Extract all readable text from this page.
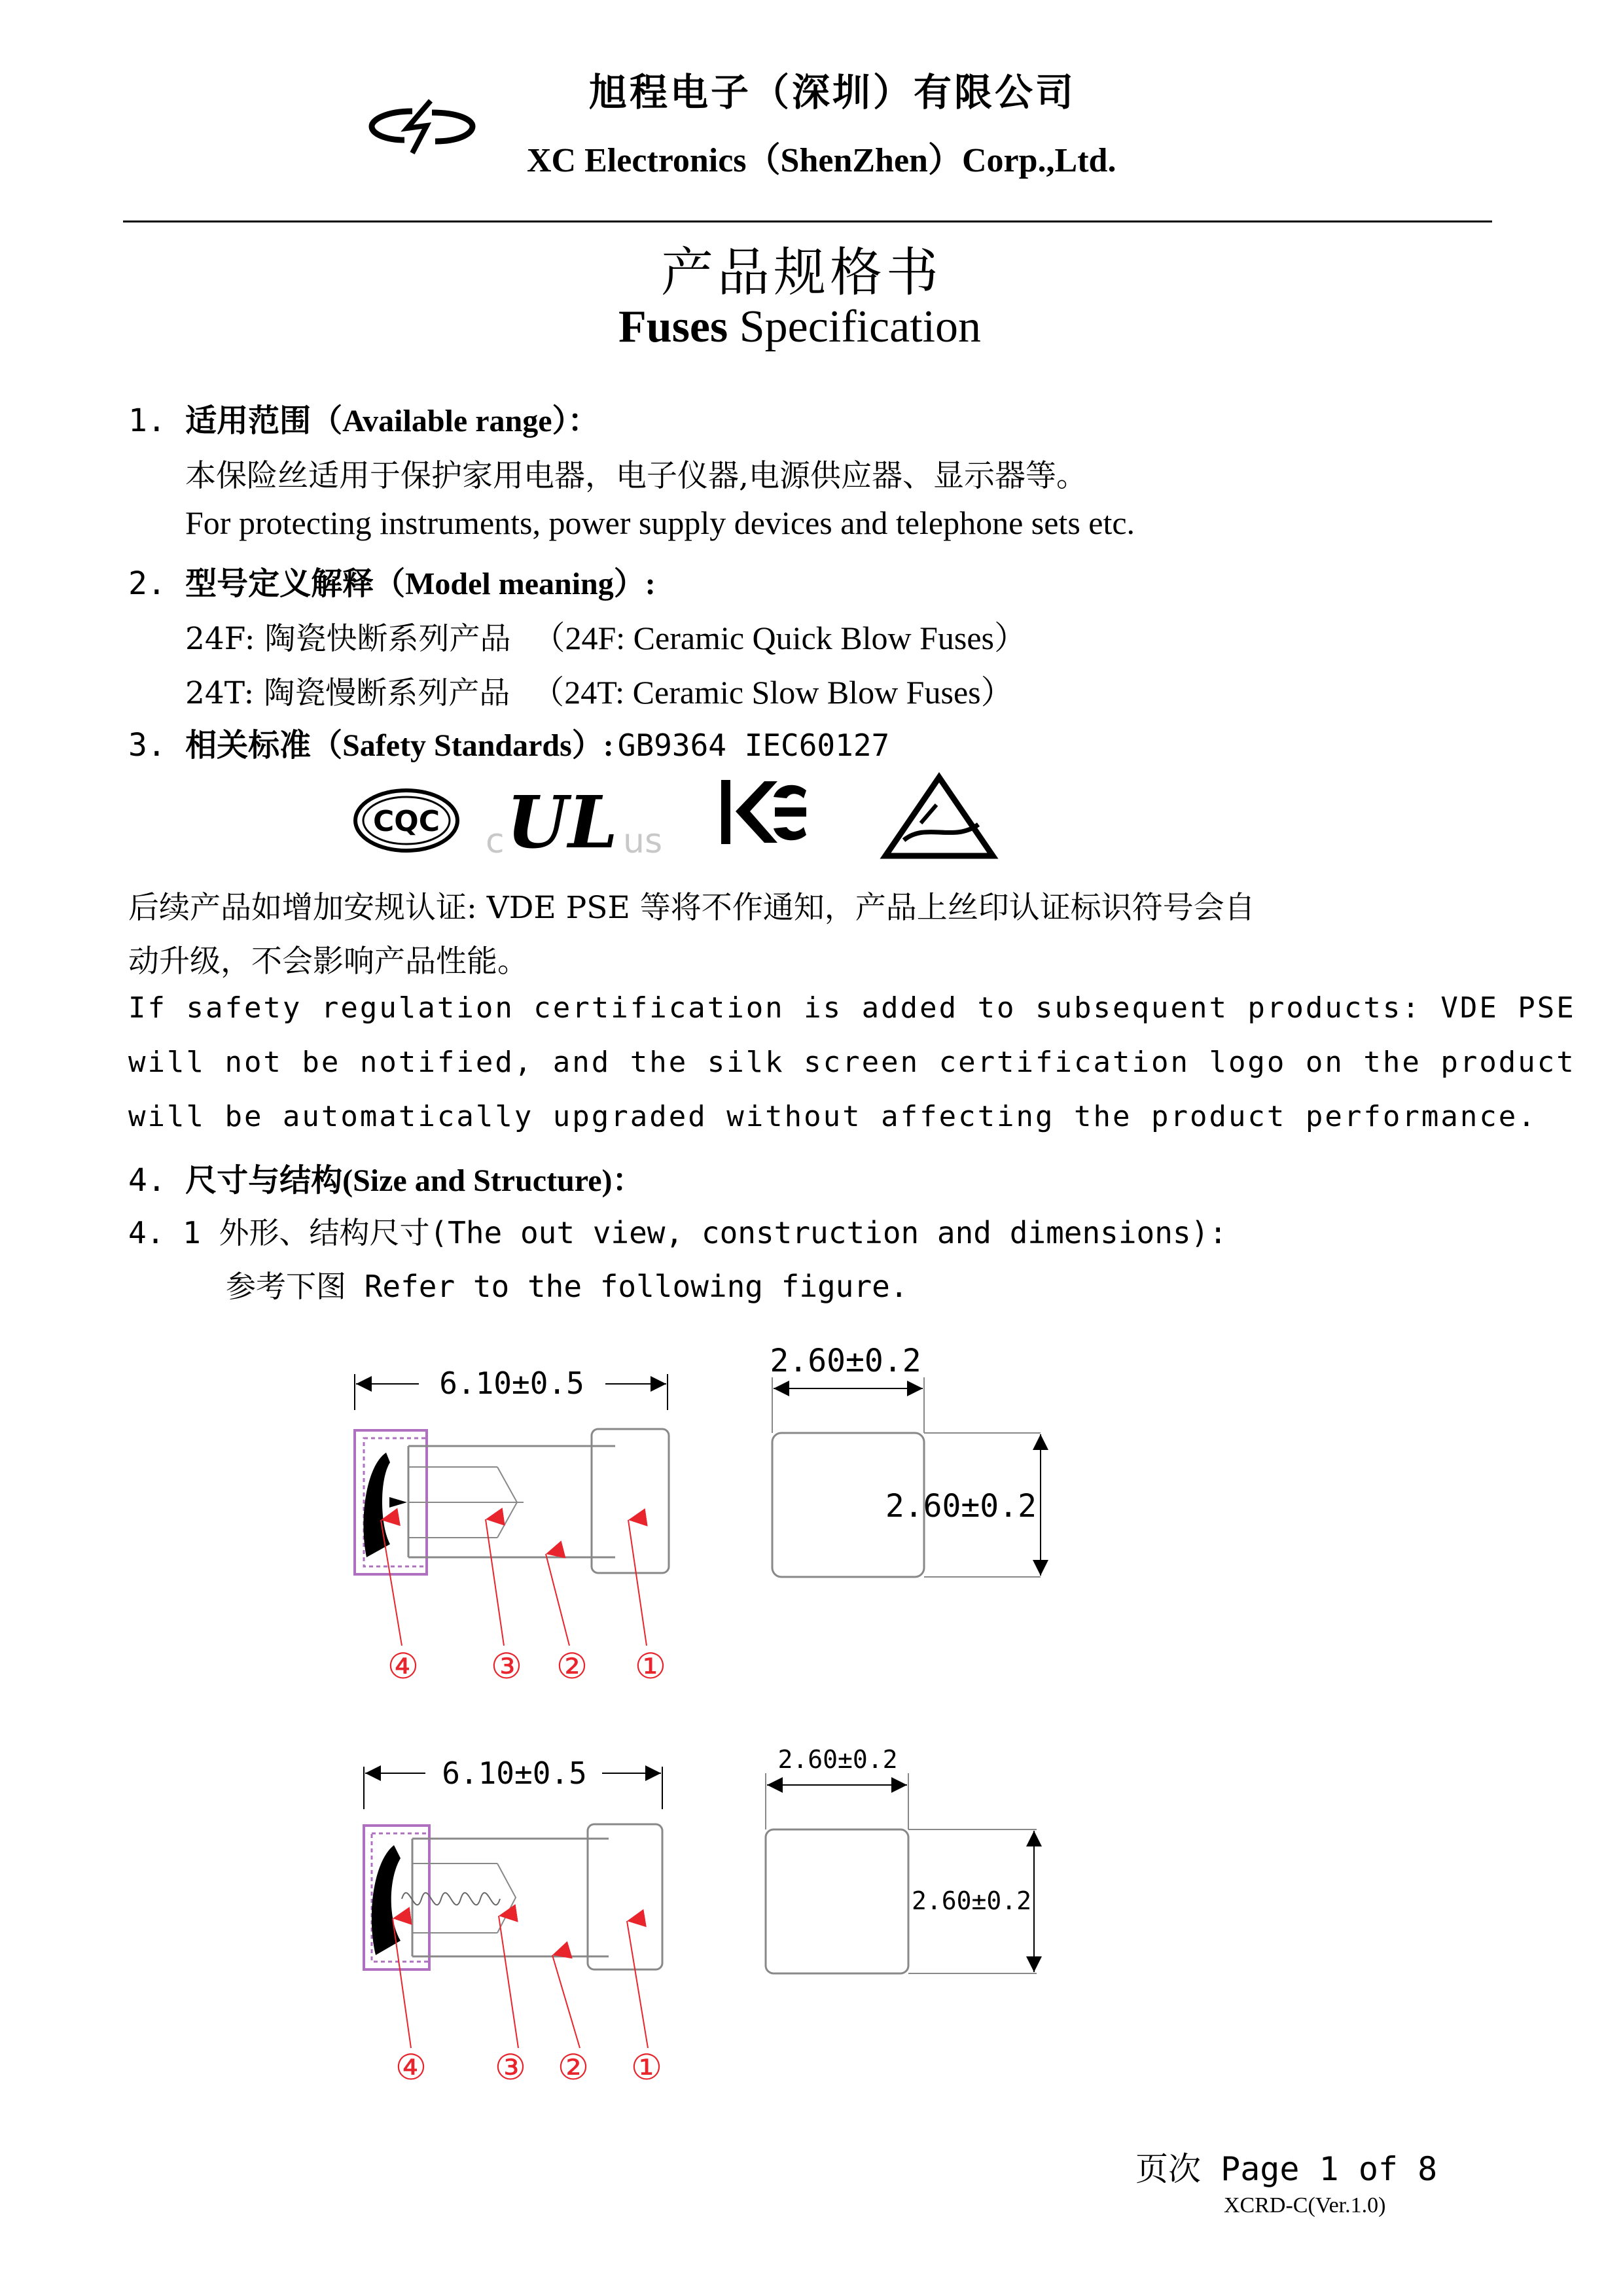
旭程电子（深圳）有限公司
XC Electronics（ShenZhen）Corp.,Ltd.
产品规格书
Fuses Specification
1. 适用范围（Available range）：
本保险丝适用于保护家用电器，电子仪器,电源供应器、显示器等。
For protecting instruments, power supply devices and telephone sets etc.
2. 型号定义解释（Model meaning）:
24F: 陶瓷快断系列产品 （24F: Ceramic Quick Blow Fuses）
24T: 陶瓷慢断系列产品 （24T: Ceramic Slow Blow Fuses）
3. 相关标准（Safety Standards）: GB9364 IEC60127
CQC
c UL us
后续产品如增加安规认证: VDE PSE 等将不作通知，产品上丝印认证标识符号会自
动升级，不会影响产品性能。
If safety regulation certification is added to subsequent products: VDE PSE
will not be notified, and the silk screen certification logo on the product
will be automatically upgraded without affecting the product performance.
4. 尺寸与结构(Size and Structure)：
4. 1 外形、结构尺寸(The out view, construction and dimensions):
参考下图 Refer to the following figure.
6.10±0.5
④ ③ ② ①
2.60±0.2
2.60±0.2
6.10±0.5
④ ③ ② ①
2.60±0.2
2.60±0.2
页次 Page 1 of 8
XCRD-C(Ver.1.0)
